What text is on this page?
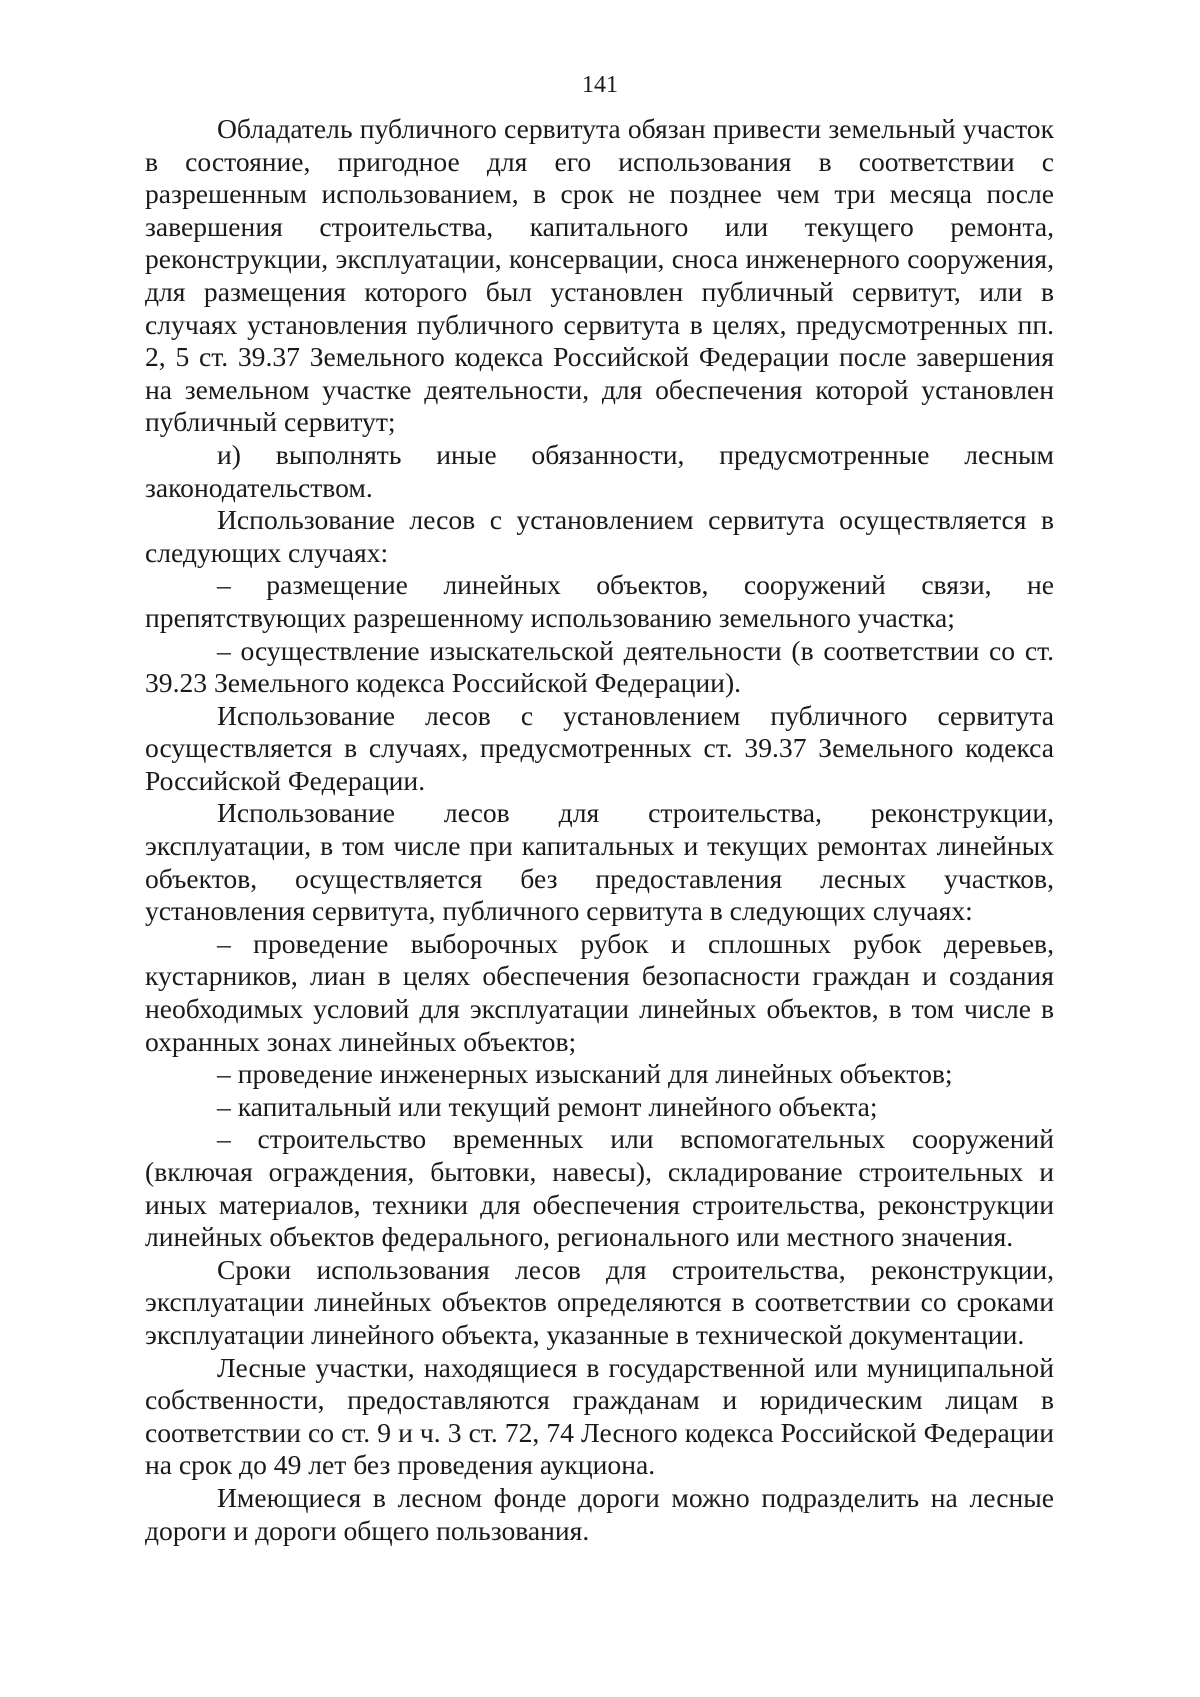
141

Обладатель публичного сервитута обязан привести земельный участок в состояние, пригодное для его использования в соответствии с разрешенным использованием, в срок не позднее чем три месяца после завершения строительства, капитального или текущего ремонта, реконструкции, эксплуатации, консервации, сноса инженерного сооружения, для размещения которого был установлен публичный сервитут, или в случаях установления публичного сервитута в целях, предусмотренных пп. 2, 5 ст. 39.37 Земельного кодекса Российской Федерации после завершения на земельном участке деятельности, для обеспечения которой установлен публичный сервитут;

и) выполнять иные обязанности, предусмотренные лесным законодательством.

Использование лесов с установлением сервитута осуществляется в следующих случаях:

– размещение линейных объектов, сооружений связи, не препятствующих разрешенному использованию земельного участка;

– осуществление изыскательской деятельности (в соответствии со ст. 39.23 Земельного кодекса Российской Федерации).

Использование лесов с установлением публичного сервитута осуществляется в случаях, предусмотренных ст. 39.37 Земельного кодекса Российской Федерации.

Использование лесов для строительства, реконструкции, эксплуатации, в том числе при капитальных и текущих ремонтах линейных объектов, осуществляется без предоставления лесных участков, установления сервитута, публичного сервитута в следующих случаях:

– проведение выборочных рубок и сплошных рубок деревьев, кустарников, лиан в целях обеспечения безопасности граждан и создания необходимых условий для эксплуатации линейных объектов, в том числе в охранных зонах линейных объектов;

– проведение инженерных изысканий для линейных объектов;

– капитальный или текущий ремонт линейного объекта;

– строительство временных или вспомогательных сооружений (включая ограждения, бытовки, навесы), складирование строительных и иных материалов, техники для обеспечения строительства, реконструкции линейных объектов федерального, регионального или местного значения.

Сроки использования лесов для строительства, реконструкции, эксплуатации линейных объектов определяются в соответствии со сроками эксплуатации линейного объекта, указанные в технической документации.

Лесные участки, находящиеся в государственной или муниципальной собственности, предоставляются гражданам и юридическим лицам в соответствии со ст. 9 и ч. 3 ст. 72, 74 Лесного кодекса Российской Федерации на срок до 49 лет без проведения аукциона.

Имеющиеся в лесном фонде дороги можно подразделить на лесные дороги и дороги общего пользования.
